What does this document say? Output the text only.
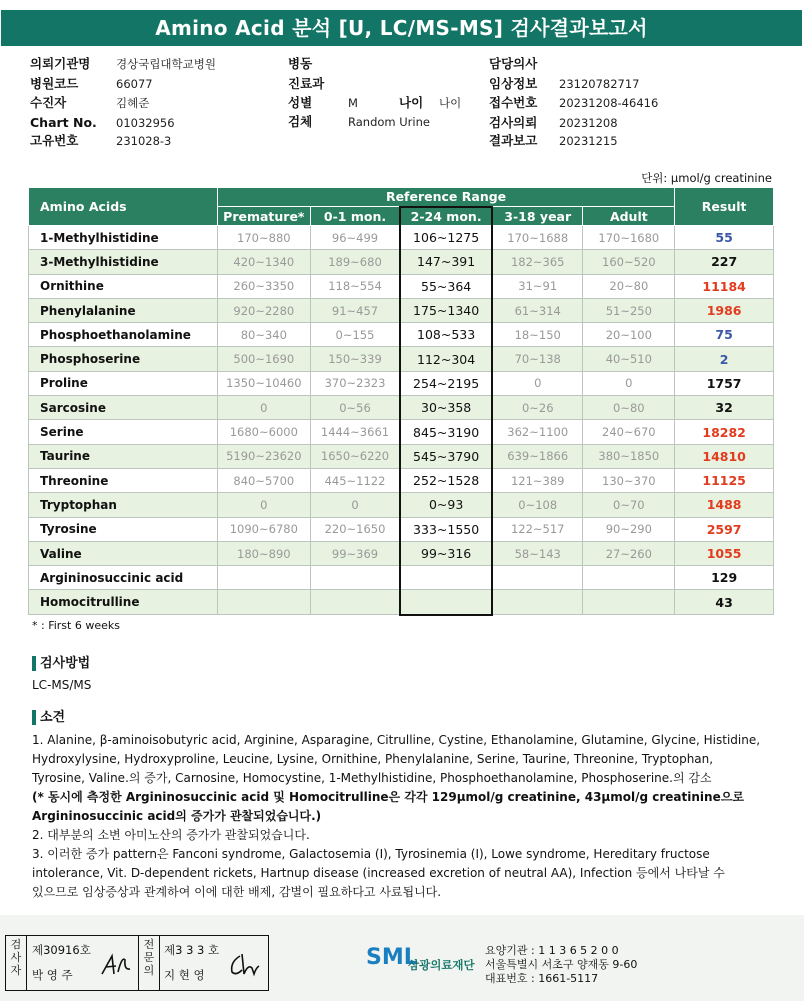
Amino Acid 분석 [U, LC/MS-MS] 검사결과보고서
의뢰기관명 경상국립대학교병원
병원코드	66077
수진자	김혜준
Chart No. 01032956
고유번호	231028-3
병동
진료과
성별	M	나이 나이
검체	Random Urine
담당의사
임상정보 23120782717
접수번호 20231208-46416
검사의뢰 20231208
결과보고 20231215
단위: µmol/g creatinine
Amino Acids	Reference Range					Result
	Premature*	0-1 mon.	2-24 mon.	3-18 year	Adult	
1-Methylhistidine	170~880	96~499	106~1275	170~1688	170~1680	55
3-Methylhistidine	420~1340	189~680	147~391	182~365	160~520	227
Ornithine	260~3350	118~554	55~364	31~91	20~80	11184
Phenylalanine	920~2280	91~457	175~1340	61~314	51~250	1986
Phosphoethanolamine	80~340	0~155	108~533	18~150	20~100	75
Phosphoserine	500~1690	150~339	112~304	70~138	40~510	2
Proline	1350~10460	370~2323	254~2195	0	0	1757
Sarcosine	0	0~56	30~358	0~26	0~80	32
Serine	1680~6000	1444~3661	845~3190	362~1100	240~670	18282
Taurine	5190~23620	1650~6220	545~3790	639~1866	380~1850	14810
Threonine	840~5700	445~1122	252~1528	121~389	130~370	11125
Tryptophan	0	0	0~93	0~108	0~70	1488
Tyrosine	1090~6780	220~1650	333~1550	122~517	90~290	2597
Valine	180~890	99~369	99~316	58~143	27~260	1055
Argininosuccinic acid						129
Homocitrulline						43
* : First 6 weeks
검사방법
LC-MS/MS
소견

1. Alanine, β-aminoisobutyric acid, Arginine, Asparagine, Citrulline, Cystine, Ethanolamine, Glutamine, Glycine, Histidine,

Hydroxylysine, Hydroxyproline, Leucine, Lysine, Ornithine, Phenylalanine, Serine, Taurine, Threonine, Tryptophan,

Tyrosine, Valine.의 증가, Carnosine, Homocystine, 1-Methylhistidine, Phosphoethanolamine, Phosphoserine.의 감소

(* 동시에 측정한 Argininosuccinic acid 및 Homocitrulline은 각각 129µmol/g creatinine, 43µmol/g creatinine으로

Argininosuccinic acid의 증가가 관찰되었습니다.)

2. 대부분의 소변 아미노산의 증가가 관찰되었습니다.

3. 이러한 증가 pattern은 Fanconi syndrome, Galactosemia (I), Tyrosinemia (I), Lowe syndrome, Hereditary fructose

intolerance, Vit. D-dependent rickets, Hartnup disease (increased excretion of neutral AA), Infection 등에서 나타날 수

있으므로 임상증상과 관계하여 이에 대한 배제, 감별이 필요하다고 사료됩니다.

검사자
제30916호
박 영 주
전문의
제3 3 3 호
지 현 영
SML
삼광의료재단
요양기관 : 1 1 3 6 5 2 0 0
서울특별시 서초구 양재동 9-60
대표번호 : 1661-5117
